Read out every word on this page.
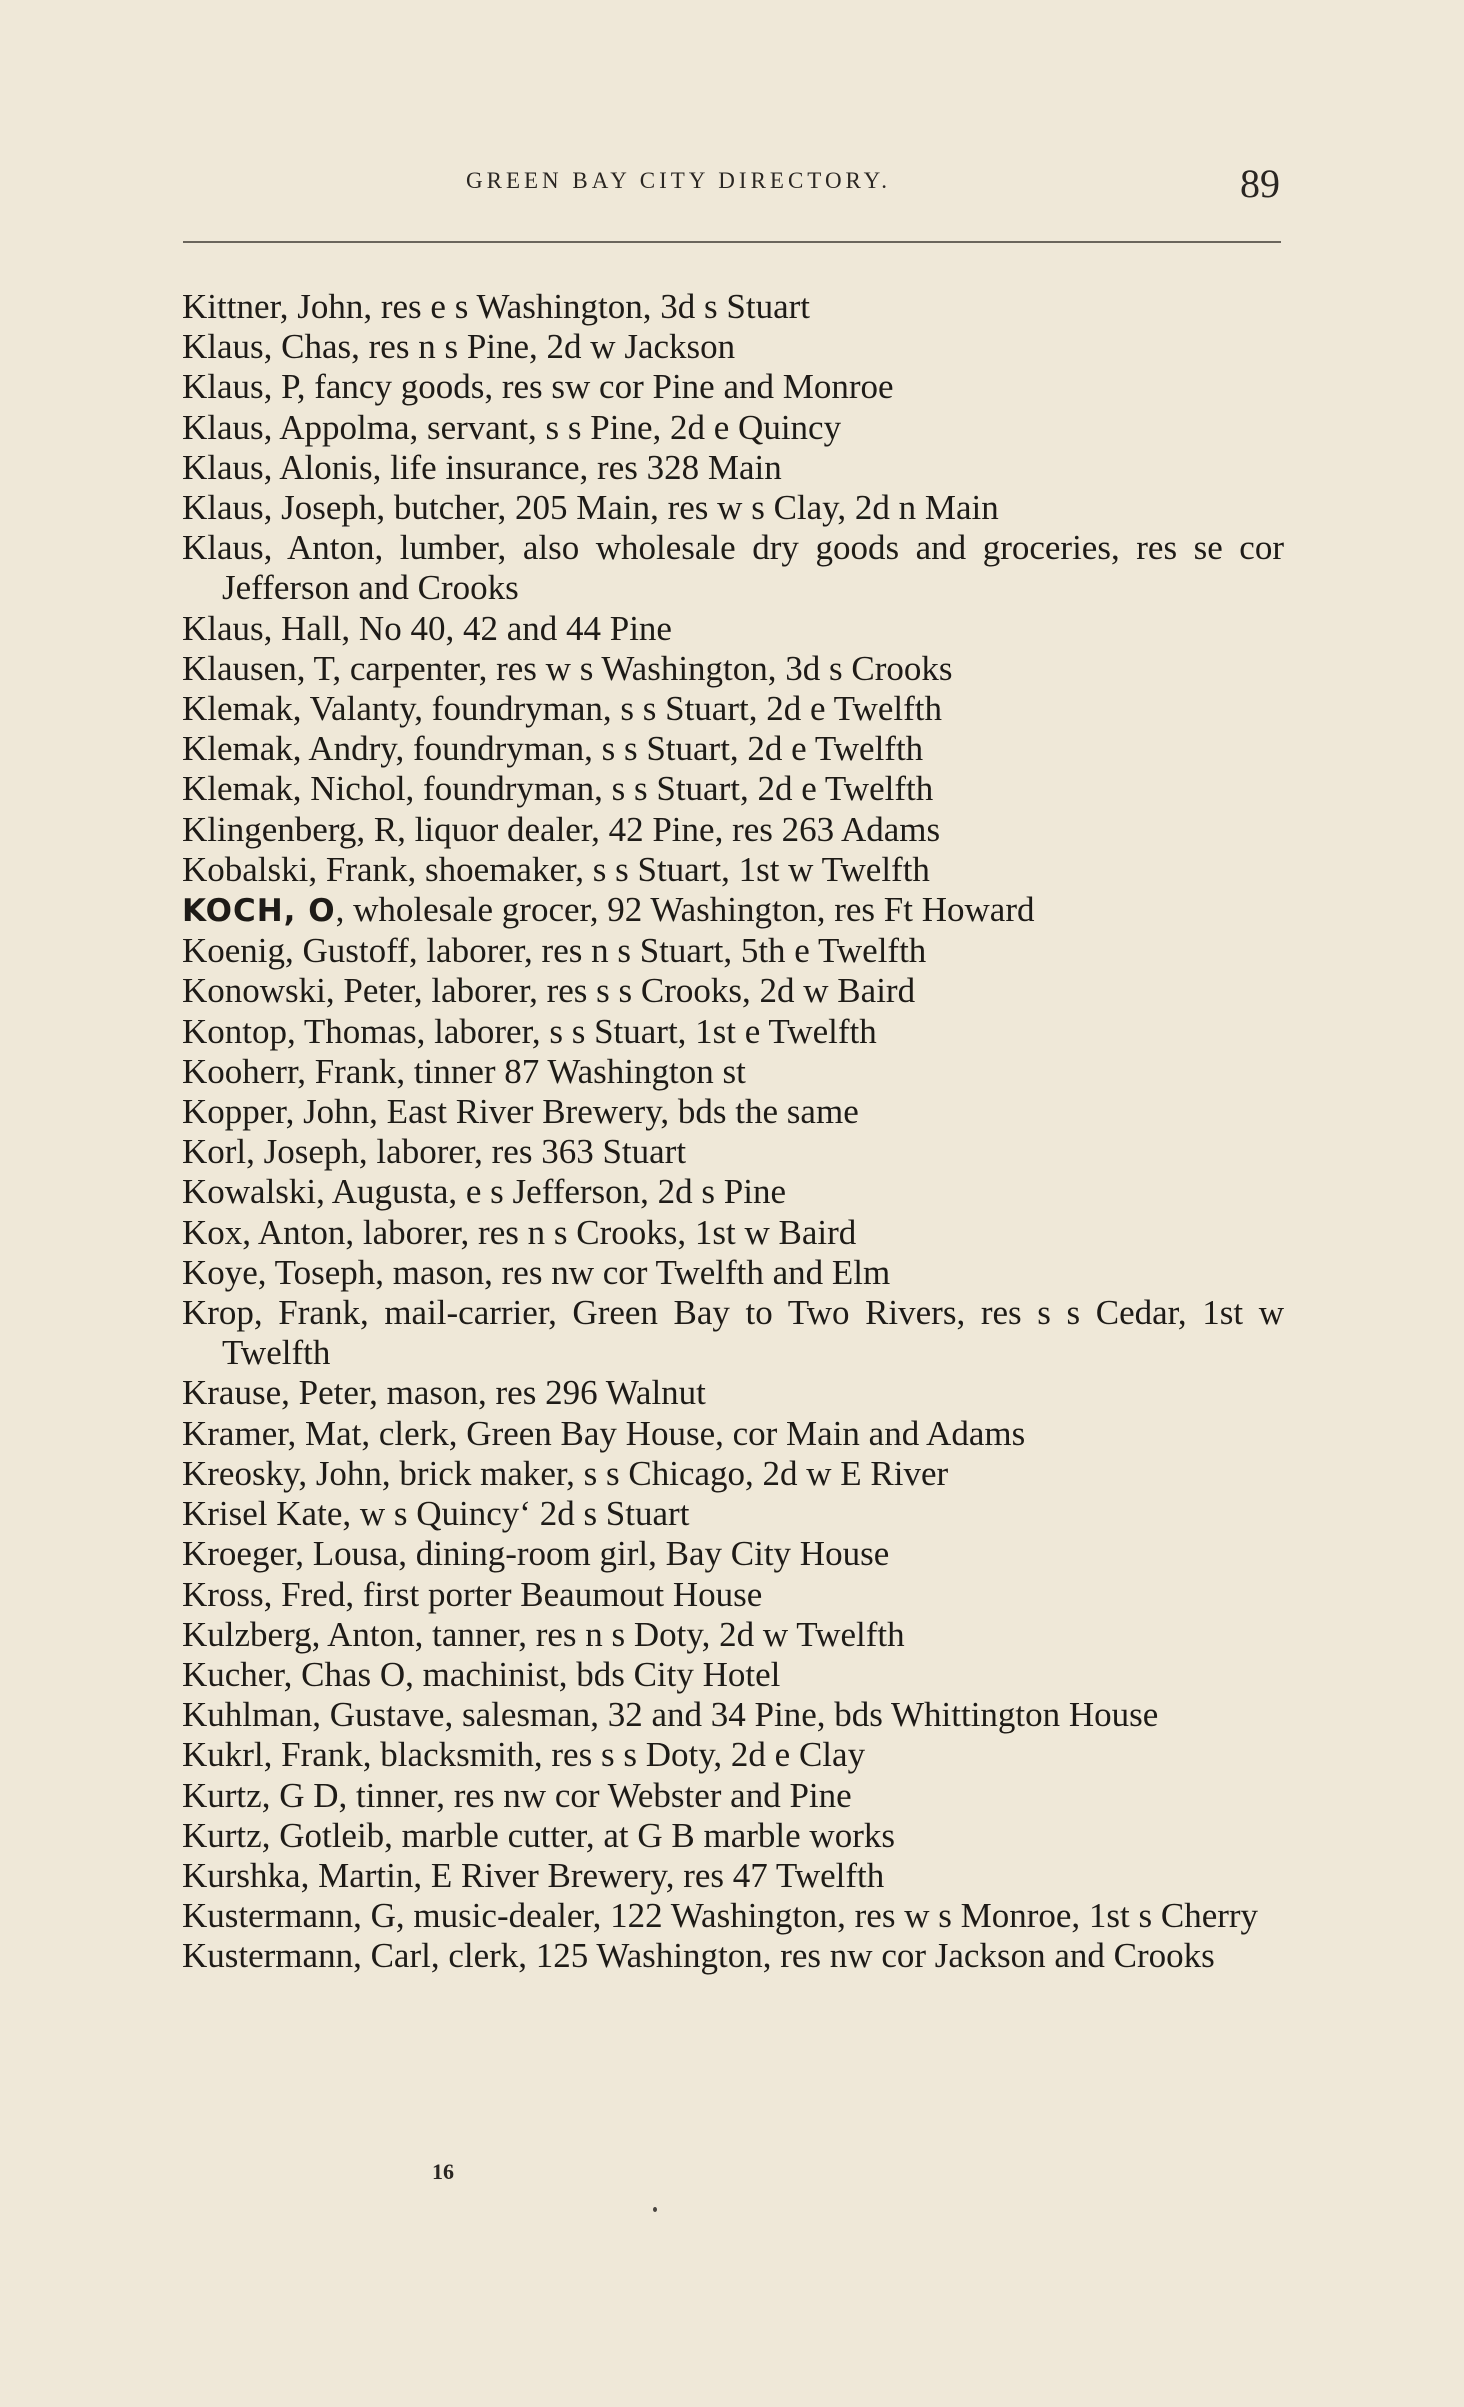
GREEN BAY CITY DIRECTORY.	89
Kittner, John, res e s Washington, 3d s Stuart
Klaus, Chas, res n s Pine, 2d w Jackson
Klaus, P, fancy goods, res sw cor Pine and Monroe
Klaus, Appolma, servant, s s Pine, 2d e Quincy
Klaus, Alonis, life insurance, res 328 Main
Klaus, Joseph, butcher, 205 Main, res w s Clay, 2d n Main
Klaus, Anton, lumber, also wholesale dry goods and groceries, res se cor Jefferson and Crooks
Klaus, Hall, No 40, 42 and 44 Pine
Klausen, T, carpenter, res w s Washington, 3d s Crooks
Klemak, Valanty, foundryman, s s Stuart, 2d e Twelfth
Klemak, Andry, foundryman, s s Stuart, 2d e Twelfth
Klemak, Nichol, foundryman, s s Stuart, 2d e Twelfth
Klingenberg, R, liquor dealer, 42 Pine, res 263 Adams
Kobalski, Frank, shoemaker, s s Stuart, 1st w Twelfth
KOCH, O, wholesale grocer, 92 Washington, res Ft Howard
Koenig, Gustoff, laborer, res n s Stuart, 5th e Twelfth
Konowski, Peter, laborer, res s s Crooks, 2d w Baird
Kontop, Thomas, laborer, s s Stuart, 1st e Twelfth
Kooherr, Frank, tinner 87 Washington st
Kopper, John, East River Brewery, bds the same
Korl, Joseph, laborer, res 363 Stuart
Kowalski, Augusta, e s Jefferson, 2d s Pine
Kox, Anton, laborer, res n s Crooks, 1st w Baird
Koye, Toseph, mason, res nw cor Twelfth and Elm
Krop, Frank, mail-carrier, Green Bay to Two Rivers, res s s Cedar, 1st w Twelfth
Krause, Peter, mason, res 296 Walnut
Kramer, Mat, clerk, Green Bay House, cor Main and Adams
Kreosky, John, brick maker, s s Chicago, 2d w E River
Krisel Kate, w s Quincy‘ 2d s Stuart
Kroeger, Lousa, dining-room girl, Bay City House
Kross, Fred, first porter Beaumout House
Kulzberg, Anton, tanner, res n s Doty, 2d w Twelfth
Kucher, Chas O, machinist, bds City Hotel
Kuhlman, Gustave, salesman, 32 and 34 Pine, bds Whittington House
Kukrl, Frank, blacksmith, res s s Doty, 2d e Clay
Kurtz, G D, tinner, res nw cor Webster and Pine
Kurtz, Gotleib, marble cutter, at G B marble works
Kurshka, Martin, E River Brewery, res 47 Twelfth
Kustermann, G, music-dealer, 122 Washington, res w s Monroe, 1st s Cherry
Kustermann, Carl, clerk, 125 Washington, res nw cor Jackson and Crooks
16
